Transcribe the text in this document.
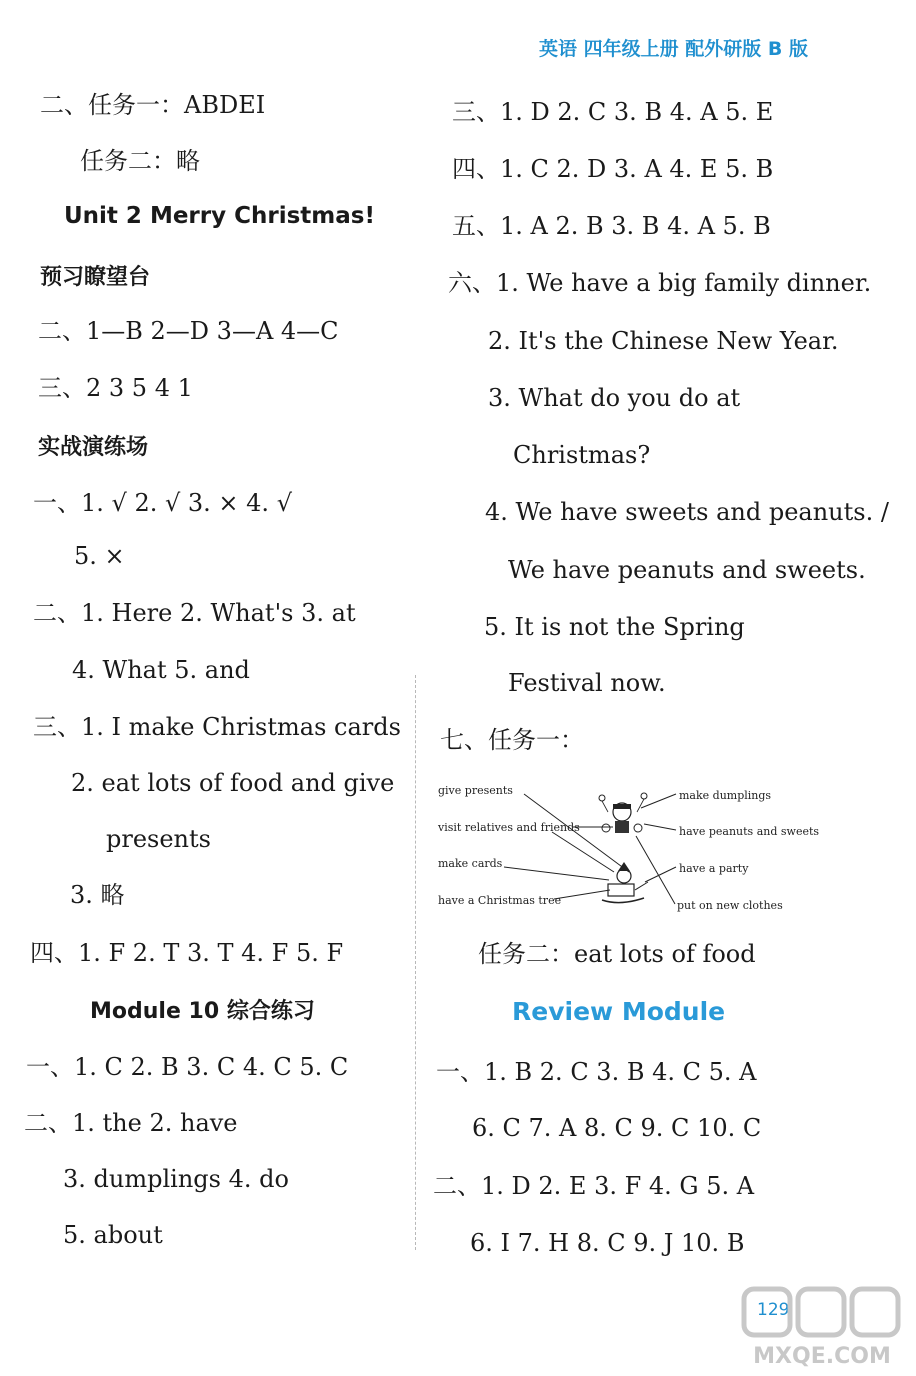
英语 四年级上册 配外研版 B 版
二、任务一：ABDEI
任务二：略
Unit 2 Merry Christmas!
预习瞭望台
二、1—B 2—D 3—A 4—C
三、2 3 5 4 1
实战演练场
一、1. √ 2. √ 3. × 4. √
5. ×
二、1. Here 2. What's 3. at
4. What 5. and
三、1. I make Christmas cards
2. eat lots of food and give
presents
3. 略
四、1. F 2. T 3. T 4. F 5. F
Module 10 综合练习
一、1. C 2. B 3. C 4. C 5. C
二、1. the 2. have
3. dumplings 4. do
5. about
三、1. D 2. C 3. B 4. A 5. E
四、1. C 2. D 3. A 4. E 5. B
五、1. A 2. B 3. B 4. A 5. B
六、1. We have a big family dinner.
2. It's the Chinese New Year.
3. What do you do at
Christmas?
4. We have sweets and peanuts. /
We have peanuts and sweets.
5. It is not the Spring
Festival now.
七、任务一：
give presents
visit relatives and friends
make cards
have a Christmas tree
make dumplings
have peanuts and sweets
have a party
put on new clothes
任务二：eat lots of food
Review Module
一、1. B 2. C 3. B 4. C 5. A
6. C 7. A 8. C 9. C 10. C
二、1. D 2. E 3. F 4. G 5. A
6. I 7. H 8. C 9. J 10. B
129
MXQE.COM
